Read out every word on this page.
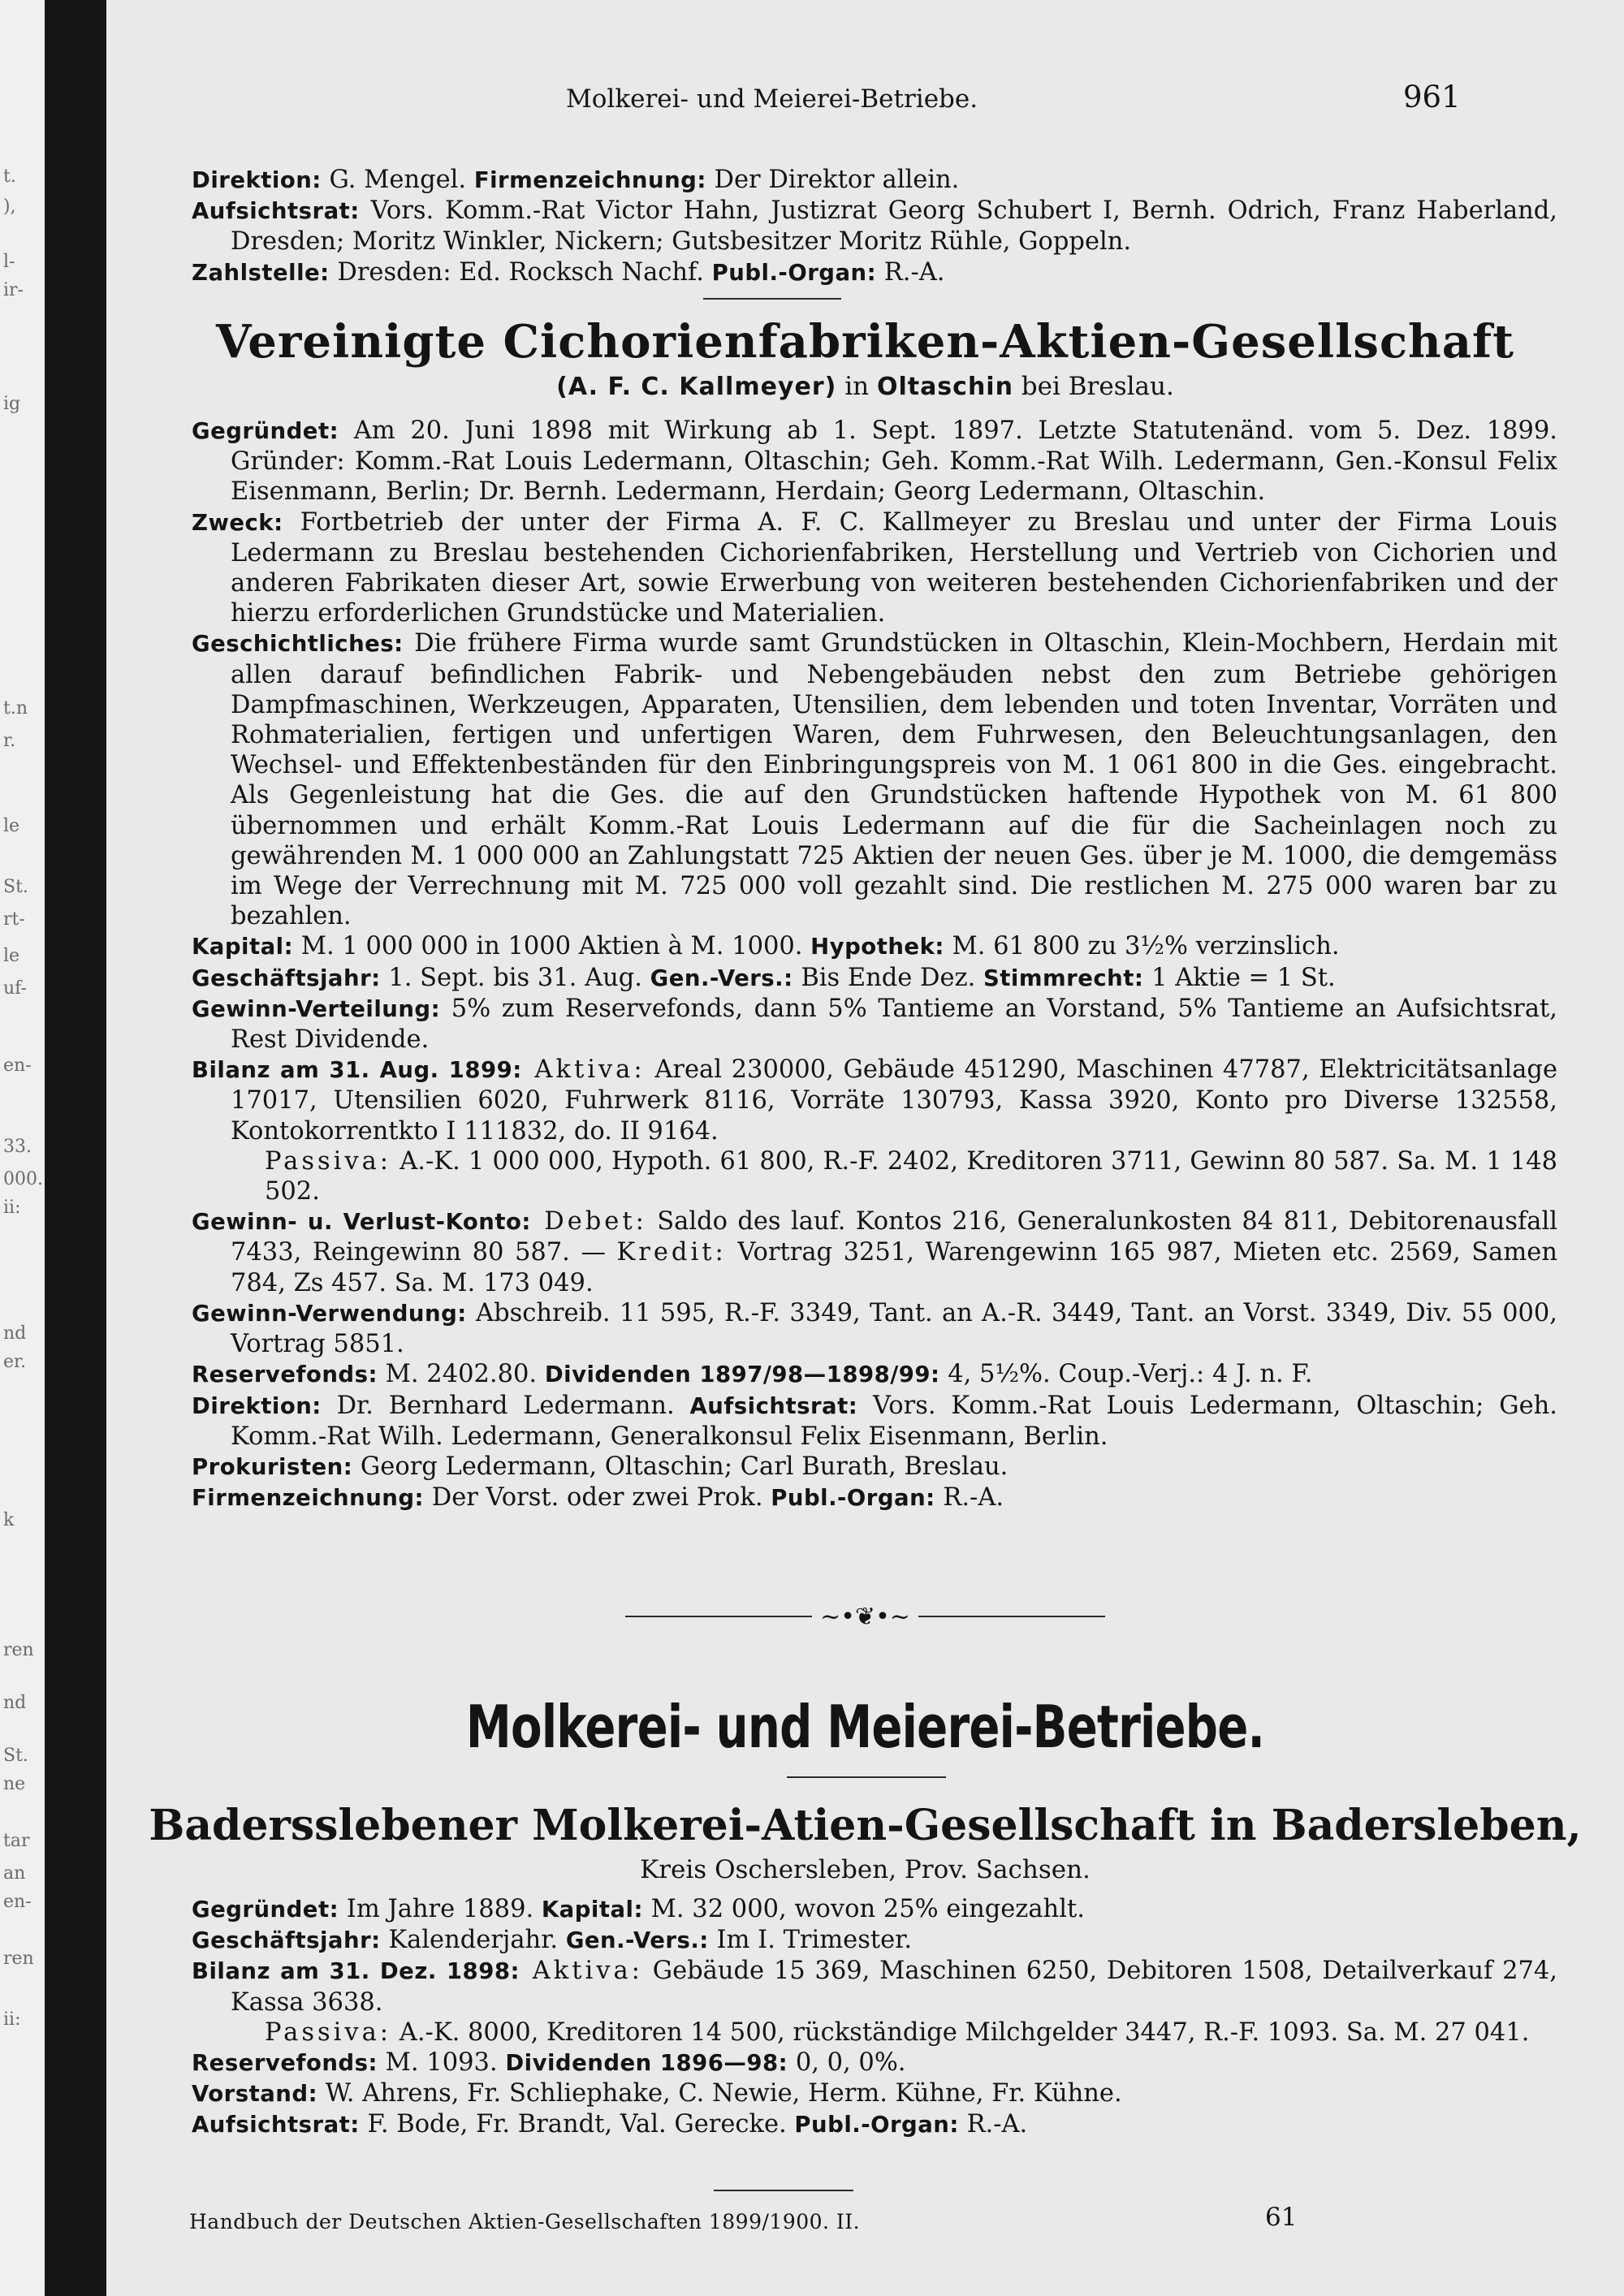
t.
),
l-
ir-
ig
t.n
r.
le
St.
rt-
le
uf-
en-
33.
000.
ii:
nd
er.
k
ren
nd
St.
ne
tar
an
en-
ren
ii:
Molkerei- und Meierei-Betriebe.	961
Direktion: G. Mengel. Firmenzeichnung: Der Direktor allein.
Aufsichtsrat: Vors. Komm.-Rat Victor Hahn, Justizrat Georg Schubert I, Bernh. Odrich, Franz Haberland, Dresden; Moritz Winkler, Nickern; Gutsbesitzer Moritz Rühle, Goppeln.
Zahlstelle: Dresden: Ed. Rocksch Nachf. Publ.-Organ: R.-A.
Vereinigte Cichorienfabriken-Aktien-Gesellschaft
(A. F. C. Kallmeyer) in Oltaschin bei Breslau.
Gegründet: Am 20. Juni 1898 mit Wirkung ab 1. Sept. 1897. Letzte Statutenänd. vom 5. Dez. 1899. Gründer: Komm.-Rat Louis Ledermann, Oltaschin; Geh. Komm.-Rat Wilh. Ledermann, Gen.-Konsul Felix Eisenmann, Berlin; Dr. Bernh. Ledermann, Herdain; Georg Ledermann, Oltaschin.
Zweck: Fortbetrieb der unter der Firma A. F. C. Kallmeyer zu Breslau und unter der Firma Louis Ledermann zu Breslau bestehenden Cichorienfabriken, Herstellung und Vertrieb von Cichorien und anderen Fabrikaten dieser Art, sowie Erwerbung von weiteren bestehenden Cichorienfabriken und der hierzu erforderlichen Grundstücke und Materialien.
Geschichtliches: Die frühere Firma wurde samt Grundstücken in Oltaschin, Klein-Mochbern, Herdain mit allen darauf befindlichen Fabrik- und Nebengebäuden nebst den zum Betriebe gehörigen Dampfmaschinen, Werkzeugen, Apparaten, Utensilien, dem lebenden und toten Inventar, Vorräten und Rohmaterialien, fertigen und unfertigen Waren, dem Fuhrwesen, den Beleuchtungsanlagen, den Wechsel- und Effektenbeständen für den Einbringungspreis von M. 1 061 800 in die Ges. eingebracht. Als Gegenleistung hat die Ges. die auf den Grundstücken haftende Hypothek von M. 61 800 übernommen und erhält Komm.-Rat Louis Ledermann auf die für die Sacheinlagen noch zu gewährenden M. 1 000 000 an Zahlungstatt 725 Aktien der neuen Ges. über je M. 1000, die demgemäss im Wege der Verrechnung mit M. 725 000 voll gezahlt sind. Die restlichen M. 275 000 waren bar zu bezahlen.
Kapital: M. 1 000 000 in 1000 Aktien à M. 1000. Hypothek: M. 61 800 zu 3½% verzinslich.
Geschäftsjahr: 1. Sept. bis 31. Aug. Gen.-Vers.: Bis Ende Dez. Stimmrecht: 1 Aktie = 1 St.
Gewinn-Verteilung: 5% zum Reservefonds, dann 5% Tantieme an Vorstand, 5% Tantieme an Aufsichtsrat, Rest Dividende.
Bilanz am 31. Aug. 1899: Aktiva: Areal 230000, Gebäude 451290, Maschinen 47787, Elektricitätsanlage 17017, Utensilien 6020, Fuhrwerk 8116, Vorräte 130793, Kassa 3920, Konto pro Diverse 132558, Kontokorrentkto I 111832, do. II 9164.
Passiva: A.-K. 1 000 000, Hypoth. 61 800, R.-F. 2402, Kreditoren 3711, Gewinn 80 587. Sa. M. 1 148 502.
Gewinn- u. Verlust-Konto: Debet: Saldo des lauf. Kontos 216, Generalunkosten 84 811, Debitorenausfall 7433, Reingewinn 80 587. — Kredit: Vortrag 3251, Warengewinn 165 987, Mieten etc. 2569, Samen 784, Zs 457. Sa. M. 173 049.
Gewinn-Verwendung: Abschreib. 11 595, R.-F. 3349, Tant. an A.-R. 3449, Tant. an Vorst. 3349, Div. 55 000, Vortrag 5851.
Reservefonds: M. 2402.80. Dividenden 1897/98—1898/99: 4, 5½%. Coup.-Verj.: 4 J. n. F.
Direktion: Dr. Bernhard Ledermann. Aufsichtsrat: Vors. Komm.-Rat Louis Ledermann, Oltaschin; Geh. Komm.-Rat Wilh. Ledermann, Generalkonsul Felix Eisenmann, Berlin.
Prokuristen: Georg Ledermann, Oltaschin; Carl Burath, Breslau.
Firmenzeichnung: Der Vorst. oder zwei Prok. Publ.-Organ: R.-A.
~•❦•~
Molkerei- und Meierei-Betriebe.
Badersslebener Molkerei-Atien-Gesellschaft in Badersleben,
Kreis Oschersleben, Prov. Sachsen.
Gegründet: Im Jahre 1889. Kapital: M. 32 000, wovon 25% eingezahlt.
Geschäftsjahr: Kalenderjahr. Gen.-Vers.: Im I. Trimester.
Bilanz am 31. Dez. 1898: Aktiva: Gebäude 15 369, Maschinen 6250, Debitoren 1508, Detailverkauf 274, Kassa 3638.
Passiva: A.-K. 8000, Kreditoren 14 500, rückständige Milchgelder 3447, R.-F. 1093. Sa. M. 27 041.
Reservefonds: M. 1093. Dividenden 1896—98: 0, 0, 0%.
Vorstand: W. Ahrens, Fr. Schliephake, C. Newie, Herm. Kühne, Fr. Kühne.
Aufsichtsrat: F. Bode, Fr. Brandt, Val. Gerecke. Publ.-Organ: R.-A.
Handbuch der Deutschen Aktien-Gesellschaften 1899/1900. II.	61
